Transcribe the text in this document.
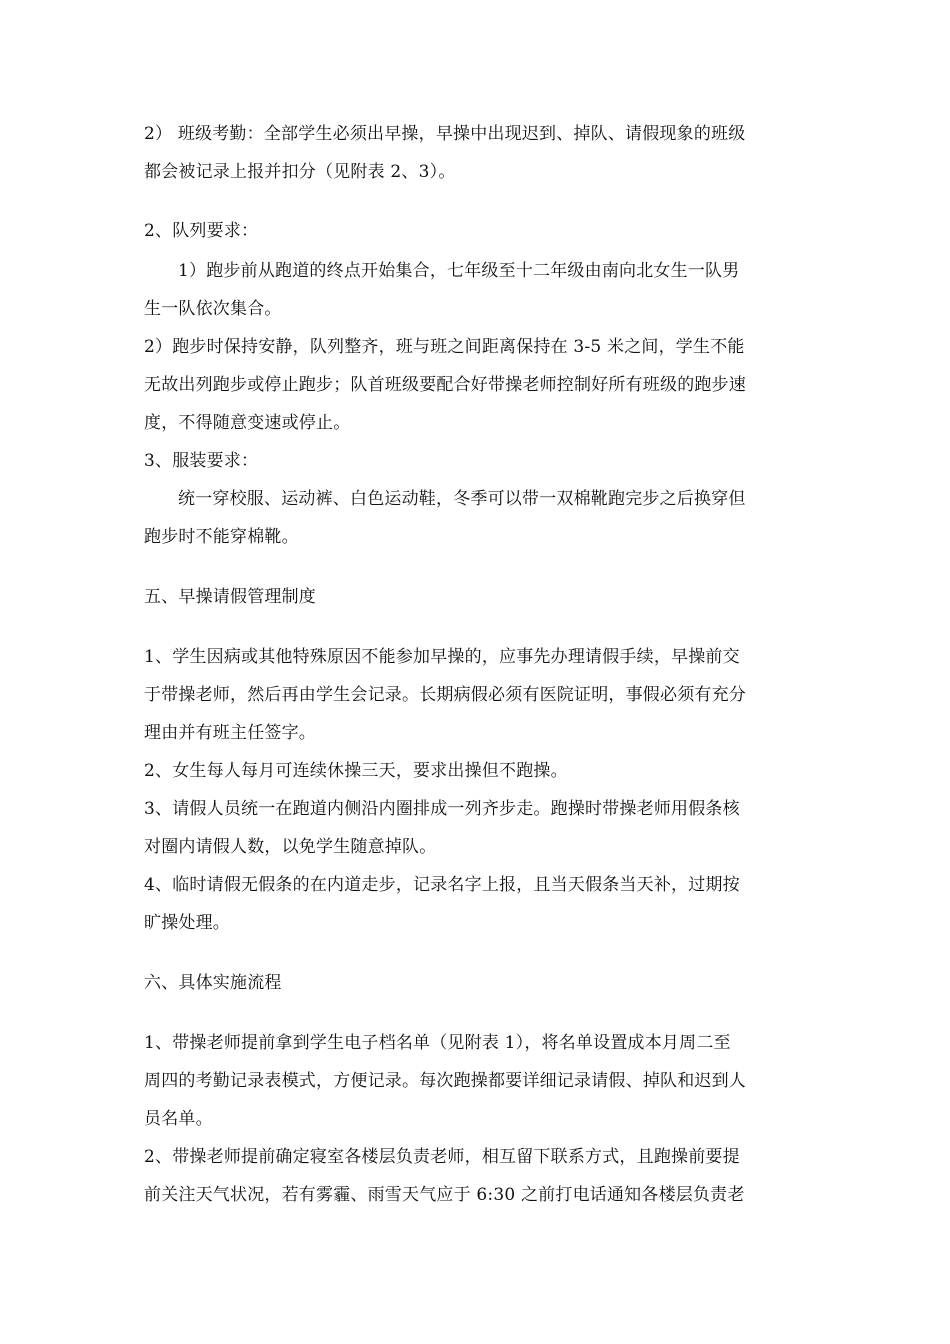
2） 班级考勤：全部学生必须出早操，早操中出现迟到、掉队、请假现象的班级
都会被记录上报并扣分（见附表 2、3）。
2、队列要求：
1）跑步前从跑道的终点开始集合，七年级至十二年级由南向北女生一队男
生一队依次集合。
2）跑步时保持安静，队列整齐，班与班之间距离保持在 3-5 米之间，学生不能
无故出列跑步或停止跑步；队首班级要配合好带操老师控制好所有班级的跑步速
度，不得随意变速或停止。
3、服装要求：
统一穿校服、运动裤、白色运动鞋，冬季可以带一双棉靴跑完步之后换穿但
跑步时不能穿棉靴。
五、早操请假管理制度
1、学生因病或其他特殊原因不能参加早操的，应事先办理请假手续，早操前交
于带操老师，然后再由学生会记录。长期病假必须有医院证明，事假必须有充分
理由并有班主任签字。
2、女生每人每月可连续休操三天，要求出操但不跑操。
3、请假人员统一在跑道内侧沿内圈排成一列齐步走。跑操时带操老师用假条核
对圈内请假人数，以免学生随意掉队。
4、临时请假无假条的在内道走步，记录名字上报，且当天假条当天补，过期按
旷操处理。
六、具体实施流程
1、带操老师提前拿到学生电子档名单（见附表 1），将名单设置成本月周二至
周四的考勤记录表模式，方便记录。每次跑操都要详细记录请假、掉队和迟到人
员名单。
2、带操老师提前确定寝室各楼层负责老师，相互留下联系方式，且跑操前要提
前关注天气状况，若有雾霾、雨雪天气应于 6:30 之前打电话通知各楼层负责老
